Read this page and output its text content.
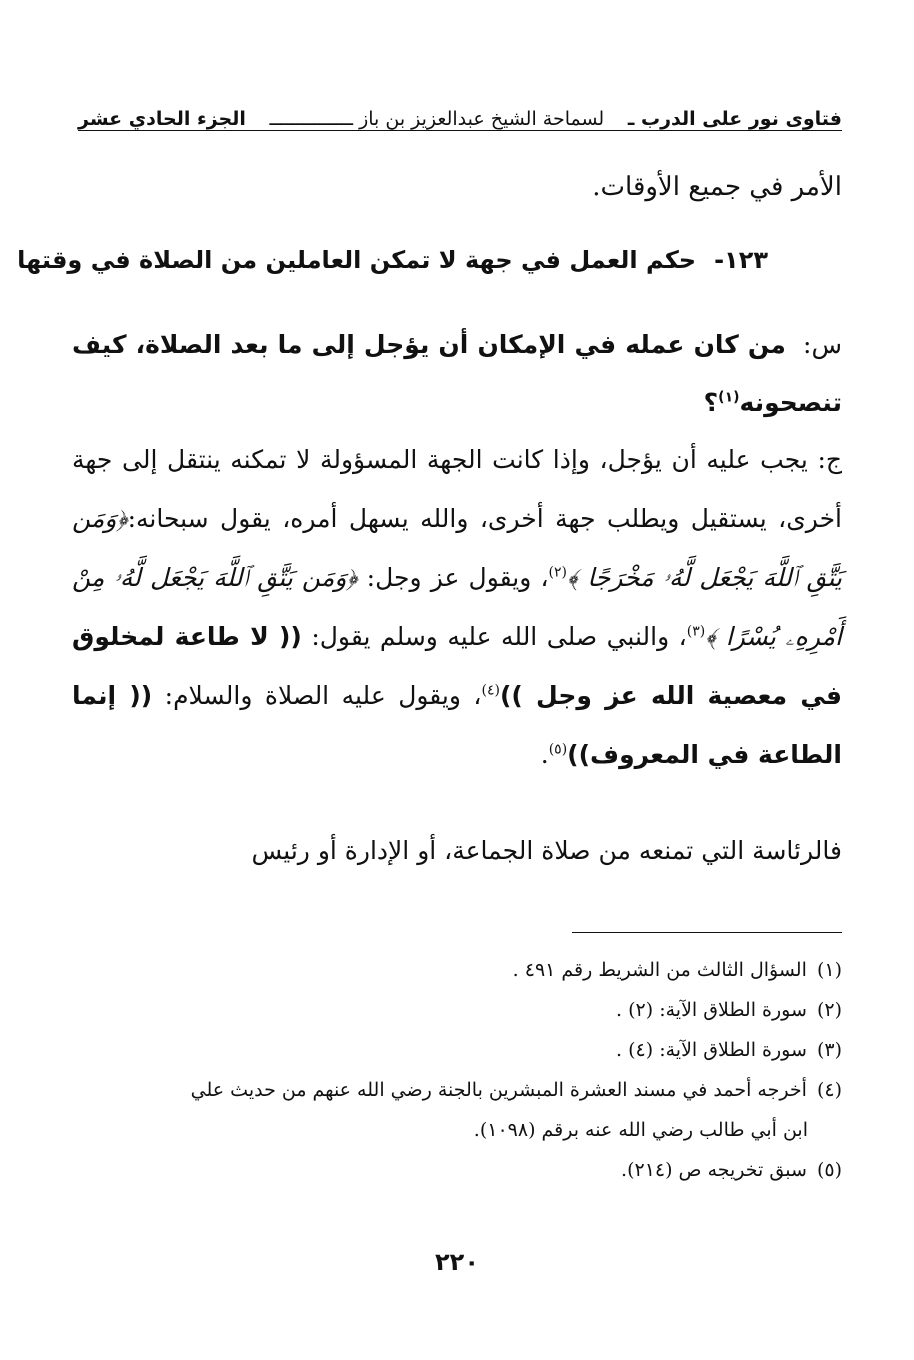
فتاوى نور على الدرب ـ
لسماحة الشيخ عبدالعزيز بن باز ـــــــــــــــ
الجزء الحادي عشر
الأمر في جميع الأوقات.
١٢٣-حكم العمل في جهة لا تمكن العاملين من الصلاة في وقتها
س: من كان عمله في الإمكان أن يؤجل إلى ما بعد الصلاة، كيف تنصحونه$^{(١)}$؟
ج: يجب عليه أن يؤجل، وإذا كانت الجهة المسؤولة لا تمكنه ينتقل إلى جهة أخرى، يستقيل ويطلب جهة أخرى، والله يسهل أمره، يقول سبحانه:﴿وَمَن يَتَّقِ ٱللَّهَ يَجْعَل لَّهُۥ مَخْرَجًا ﴾$^{(٢)}$، ويقول عز وجل: ﴿وَمَن يَتَّقِ ٱللَّهَ يَجْعَل لَّهُۥ مِنْ أَمْرِهِۦ يُسْرًا ﴾$^{(٣)}$، والنبي صلى الله عليه وسلم يقول: (( لا طاعة لمخلوق في معصية الله عز وجل ))$^{(٤)}$، ويقول عليه الصلاة والسلام: (( إنما الطاعة في المعروف))$^{(٥)}$.
فالرئاسة التي تمنعه من صلاة الجماعة، أو الإدارة أو رئيس
(١) السؤال الثالث من الشريط رقم ٤٩١ .
(٢) سورة الطلاق الآية: (٢) .
(٣) سورة الطلاق الآية: (٤) .
(٤) أخرجه أحمد في مسند العشرة المبشرين بالجنة رضي الله عنهم من حديث علي
ابن أبي طالب رضي الله عنه برقم (١٠٩٨).
(٥) سبق تخريجه ص (٢١٤).
٢٢٠
